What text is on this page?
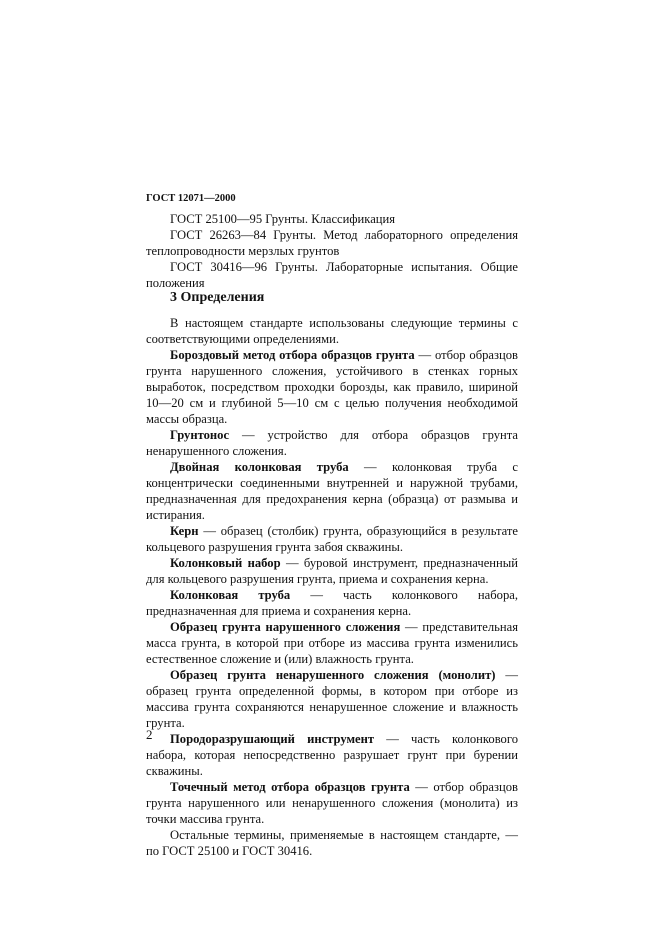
ГОСТ 12071—2000

ГОСТ 25100—95 Грунты. Классификация

ГОСТ 26263—84 Грунты. Метод лабораторного определения теплопроводности мерзлых грунтов

ГОСТ 30416—96 Грунты. Лабораторные испытания. Общие положения

3 Определения

В настоящем стандарте использованы следующие термины с соответствующими определениями.

Бороздовый метод отбора образцов грунта — отбор образцов грунта нарушенного сложения, устойчивого в стенках горных выработок, посредством проходки борозды, как правило, шириной 10—20 см и глубиной 5—10 см с целью получения необходимой массы образца.

Грунтонос — устройство для отбора образцов грунта ненарушенного сложения.

Двойная колонковая труба — колонковая труба с концентрически соединенными внутренней и наружной трубами, предназначенная для предохранения керна (образца) от размыва и истирания.

Керн — образец (столбик) грунта, образующийся в результате кольцевого разрушения грунта забоя скважины.

Колонковый набор — буровой инструмент, предназначенный для кольцевого разрушения грунта, приема и сохранения керна.

Колонковая труба — часть колонкового набора, предназначенная для приема и сохранения керна.

Образец грунта нарушенного сложения — представительная масса грунта, в которой при отборе из массива грунта изменились естественное сложение и (или) влажность грунта.

Образец грунта ненарушенного сложения (монолит) — образец грунта определенной формы, в котором при отборе из массива грунта сохраняются ненарушенное сложение и влажность грунта.

Породоразрушающий инструмент — часть колонкового набора, которая непосредственно разрушает грунт при бурении скважины.

Точечный метод отбора образцов грунта — отбор образцов грунта нарушенного или ненарушенного сложения (монолита) из точки массива грунта.

Остальные термины, применяемые в настоящем стандарте, — по ГОСТ 25100 и ГОСТ 30416.

2
